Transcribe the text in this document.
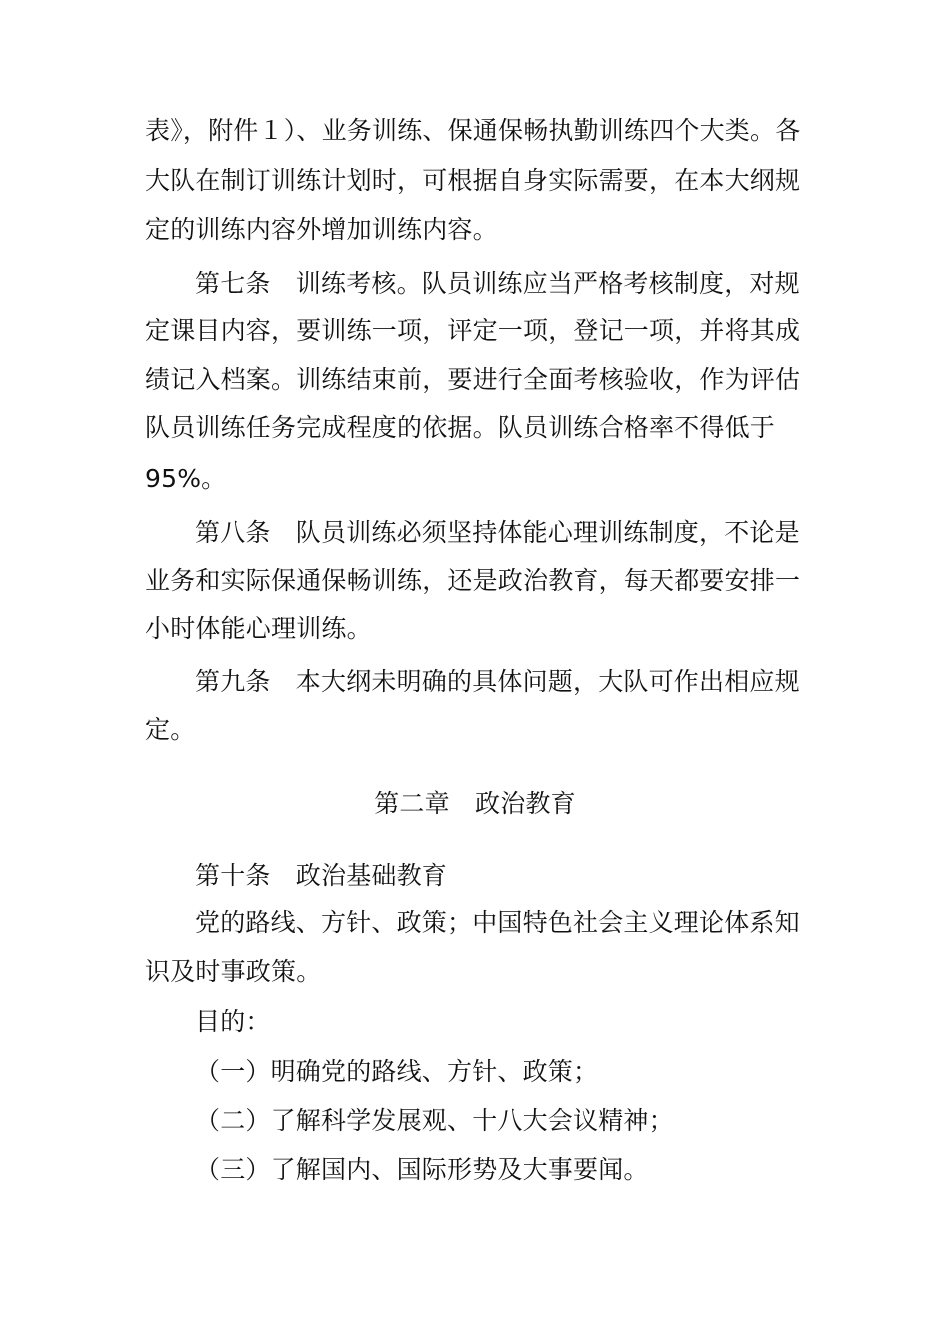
表》，附件１）、业务训练、保通保畅执勤训练四个大类。各
大队在制订训练计划时，可根据自身实际需要，在本大纲规
定的训练内容外增加训练内容。
第七条　训练考核。队员训练应当严格考核制度，对规
定课目内容，要训练一项，评定一项，登记一项，并将其成
绩记入档案。训练结束前，要进行全面考核验收，作为评估
队员训练任务完成程度的依据。队员训练合格率不得低于
95%。
第八条　队员训练必须坚持体能心理训练制度，不论是
业务和实际保通保畅训练，还是政治教育，每天都要安排一
小时体能心理训练。
第九条　本大纲未明确的具体问题，大队可作出相应规
定。
第二章　政治教育
第十条　政治基础教育
党的路线、方针、政策；中国特色社会主义理论体系知
识及时事政策。
目的：
（一）明确党的路线、方针、政策；
（二）了解科学发展观、十八大会议精神；
（三）了解国内、国际形势及大事要闻。
